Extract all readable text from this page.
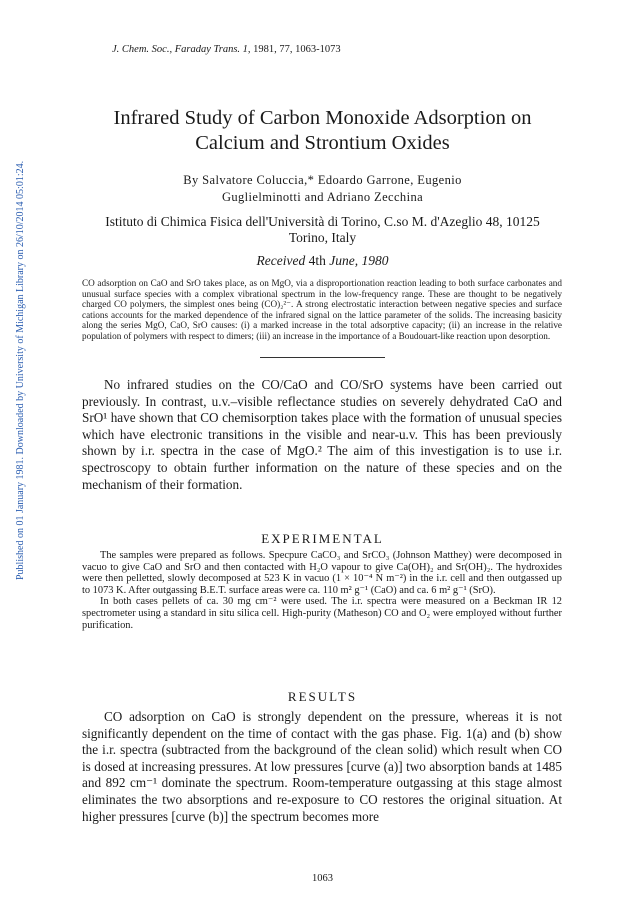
J. Chem. Soc., Faraday Trans. 1, 1981, 77, 1063-1073
Published on 01 January 1981. Downloaded by University of Michigan Library on 26/10/2014 05:01:24.
Infrared Study of Carbon Monoxide Adsorption on
Calcium and Strontium Oxides
By Salvatore Coluccia,* Edoardo Garrone, Eugenio
Guglielminotti and Adriano Zecchina
Istituto di Chimica Fisica dell'Università di Torino, C.so M. d'Azeglio 48, 10125
Torino, Italy
Received 4th June, 1980
CO adsorption on CaO and SrO takes place, as on MgO, via a disproportionation reaction leading to both surface carbonates and unusual surface species with a complex vibrational spectrum in the low-frequency range. These are thought to be negatively charged CO polymers, the simplest ones being (CO)₂²⁻. A strong electrostatic interaction between negative species and surface cations accounts for the marked dependence of the infrared signal on the lattice parameter of the solids. The increasing basicity along the series MgO, CaO, SrO causes: (i) a marked increase in the total adsorptive capacity; (ii) an increase in the relative population of polymers with respect to dimers; (iii) an increase in the importance of a Boudouart-like reaction upon desorption.

No infrared studies on the CO/CaO and CO/SrO systems have been carried out previously. In contrast, u.v.–visible reflectance studies on severely dehydrated CaO and SrO¹ have shown that CO chemisorption takes place with the formation of unusual species which have electronic transitions in the visible and near-u.v. This has been previously shown by i.r. spectra in the case of MgO.² The aim of this investigation is to use i.r. spectroscopy to obtain further information on the nature of these species and on the mechanism of their formation.

EXPERIMENTAL

The samples were prepared as follows. Specpure CaCO₃ and SrCO₃ (Johnson Matthey) were decomposed in vacuo to give CaO and SrO and then contacted with H₂O vapour to give Ca(OH)₂ and Sr(OH)₂. The hydroxides were then pelletted, slowly decomposed at 523 K in vacuo (1 × 10⁻⁴ N m⁻²) in the i.r. cell and then outgassed up to 1073 K. After outgassing B.E.T. surface areas were ca. 110 m² g⁻¹ (CaO) and ca. 6 m² g⁻¹ (SrO).

In both cases pellets of ca. 30 mg cm⁻² were used. The i.r. spectra were measured on a Beckman IR 12 spectrometer using a standard in situ silica cell. High-purity (Matheson) CO and O₂ were employed without further purification.

RESULTS

CO adsorption on CaO is strongly dependent on the pressure, whereas it is not significantly dependent on the time of contact with the gas phase. Fig. 1(a) and (b) show the i.r. spectra (subtracted from the background of the clean solid) which result when CO is dosed at increasing pressures. At low pressures [curve (a)] two absorption bands at 1485 and 892 cm⁻¹ dominate the spectrum. Room-temperature outgassing at this stage almost eliminates the two absorptions and re-exposure to CO restores the original situation. At higher pressures [curve (b)] the spectrum becomes more

1063
